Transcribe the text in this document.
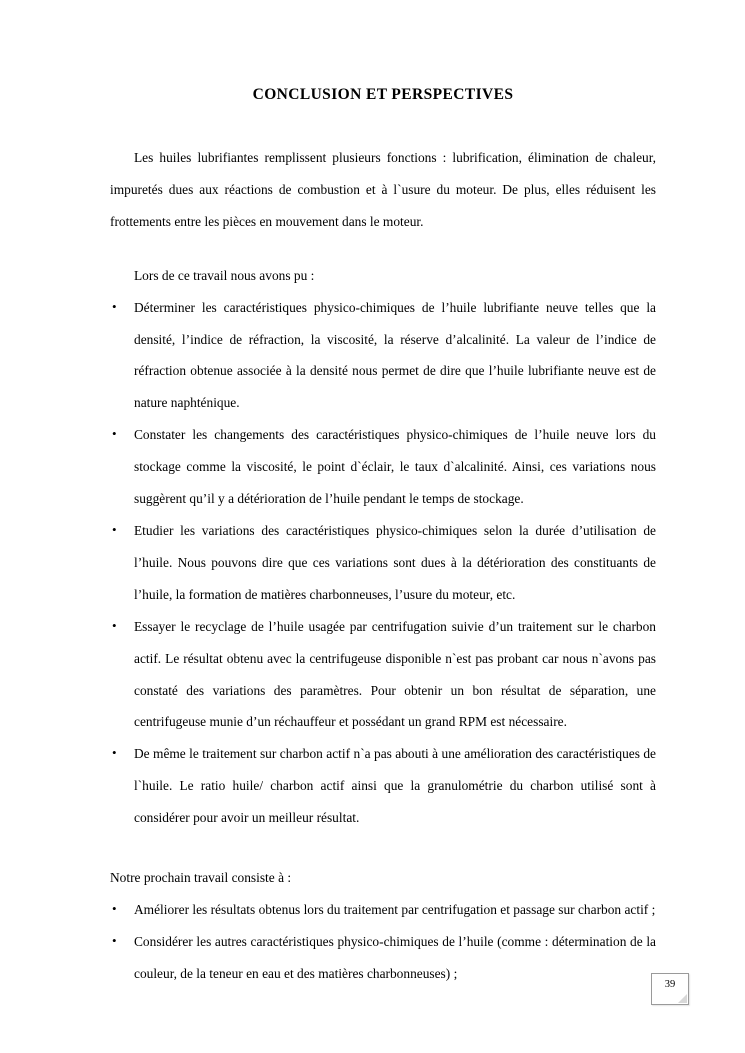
CONCLUSION ET PERSPECTIVES

Les huiles lubrifiantes remplissent plusieurs fonctions : lubrification, élimination de chaleur, impuretés dues aux réactions de combustion et à l`usure du moteur. De plus, elles réduisent les frottements entre les pièces en mouvement dans le moteur.

Lors de ce travail nous avons pu :

• Déterminer les caractéristiques physico-chimiques de l’huile lubrifiante neuve telles que la densité, l’indice de réfraction, la viscosité, la réserve d’alcalinité. La valeur de l’indice de réfraction obtenue associée à la densité nous permet de dire que l’huile lubrifiante neuve est de nature naphténique.
• Constater les changements des caractéristiques physico-chimiques de l’huile neuve lors du stockage comme la viscosité, le point d`éclair, le taux d`alcalinité. Ainsi, ces variations nous suggèrent qu’il y a détérioration de l’huile pendant le temps de stockage.
• Etudier les variations des caractéristiques physico-chimiques selon la durée d’utilisation de l’huile. Nous pouvons dire que ces variations sont dues à la détérioration des constituants de l’huile, la formation de matières charbonneuses, l’usure du moteur, etc.
• Essayer le recyclage de l’huile usagée par centrifugation suivie d’un traitement sur le charbon actif. Le résultat obtenu avec la centrifugeuse disponible n`est pas probant car nous n`avons pas constaté des variations des paramètres. Pour obtenir un bon résultat de séparation, une centrifugeuse munie d’un réchauffeur et possédant un grand RPM est nécessaire.
• De même le traitement sur charbon actif n`a pas abouti à une amélioration des caractéristiques de l`huile. Le ratio huile/ charbon actif ainsi que la granulométrie du charbon utilisé sont à considérer pour avoir un meilleur résultat.

Notre prochain travail consiste à :

• Améliorer les résultats obtenus lors du traitement par centrifugation et passage sur charbon actif ;
• Considérer les autres caractéristiques physico-chimiques de l’huile (comme : détermination de la couleur, de la teneur en eau et des matières charbonneuses) ;
39
